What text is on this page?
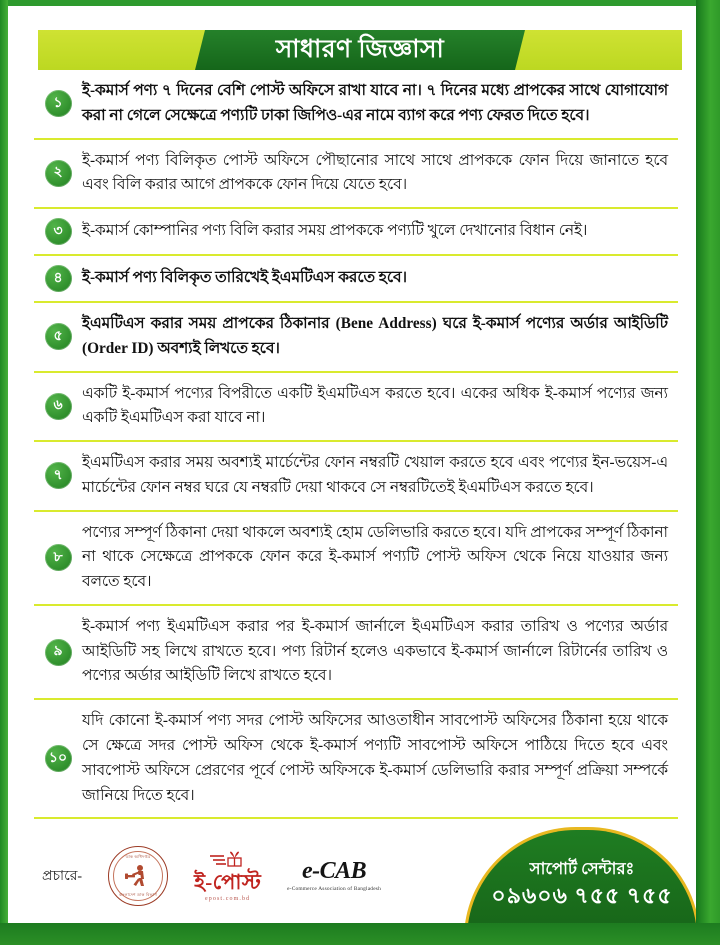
সাধারণ জিজ্ঞাসা
১
ই-কমার্স পণ্য ৭ দিনের বেশি পোস্ট অফিসে রাখা যাবে না। ৭ দিনের মধ্যে প্রাপকের সাথে যোগাযোগ করা না গেলে সেক্ষেত্রে পণ্যটি ঢাকা জিপিও-এর নামে ব্যাগ করে পণ্য ফেরত দিতে হবে।
২
ই-কমার্স পণ্য বিলিকৃত পোস্ট অফিসে পৌছানোর সাথে সাথে প্রাপককে ফোন দিয়ে জানাতে হবে এবং বিলি করার আগে প্রাপককে ফোন দিয়ে যেতে হবে।
৩	ই-কমার্স কোম্পানির পণ্য বিলি করার সময় প্রাপককে পণ্যটি খুলে দেখানোর বিধান নেই।
৪	ই-কমার্স পণ্য বিলিকৃত তারিখেই ইএমটিএস করতে হবে।
৫
ইএমটিএস করার সময় প্রাপকের ঠিকানার (Bene Address) ঘরে ই-কমার্স পণ্যের অর্ডার আইডিটি (Order ID) অবশ্যই লিখতে হবে।
৬
একটি ই-কমার্স পণ্যের বিপরীতে একটি ইএমটিএস করতে হবে। একের অধিক ই-কমার্স পণ্যের জন্য একটি ইএমটিএস করা যাবে না।
৭
ইএমটিএস করার সময় অবশ্যই মার্চেন্টের ফোন নম্বরটি খেয়াল করতে হবে এবং পণ্যের ইন-ভয়েস-এ মার্চেন্টের ফোন নম্বর ঘরে যে নম্বরটি দেয়া থাকবে সে নম্বরটিতেই ইএমটিএস করতে হবে।
৮
পণ্যের সম্পূর্ণ ঠিকানা দেয়া থাকলে অবশ্যই হোম ডেলিভারি করতে হবে। যদি প্রাপকের সম্পূর্ণ ঠিকানা না থাকে সেক্ষেত্রে প্রাপককে ফোন করে ই-কমার্স পণ্যটি পোস্ট অফিস থেকে নিয়ে যাওয়ার জন্য বলতে হবে।
৯
ই-কমার্স পণ্য ইএমটিএস করার পর ই-কমার্স জার্নালে ইএমটিএস করার তারিখ ও পণ্যের অর্ডার আইডিটি সহ লিখে রাখতে হবে। পণ্য রিটার্ন হলেও একভাবে ই-কমার্স জার্নালে রিটার্নের তারিখ ও পণ্যের অর্ডার আইডিটি লিখে রাখতে হবে।
১০
যদি কোনো ই-কমার্স পণ্য সদর পোস্ট অফিসের আওতাধীন সাবপোস্ট অফিসের ঠিকানা হয়ে থাকে সে ক্ষেত্রে সদর পোস্ট অফিস থেকে ই-কমার্স পণ্যটি সাবপোস্ট অফিসে পাঠিয়ে দিতে হবে এবং সাবপোস্ট অফিসে প্রেরণের পূর্বে পোস্ট অফিসকে ই-কমার্স ডেলিভারি করার সম্পূর্ণ প্রক্রিয়া সম্পর্কে জানিয়ে দিতে হবে।
প্রচারে-
ডাক অধিদপ্তর
বাংলাদেশ ডাক বিভাগ
ই-পোস্ট
epost.com.bd
e-CAB
e-Commerce Association of Bangladesh
সাপোর্ট সেন্টারঃ
০৯৬০৬ ৭৫৫ ৭৫৫
